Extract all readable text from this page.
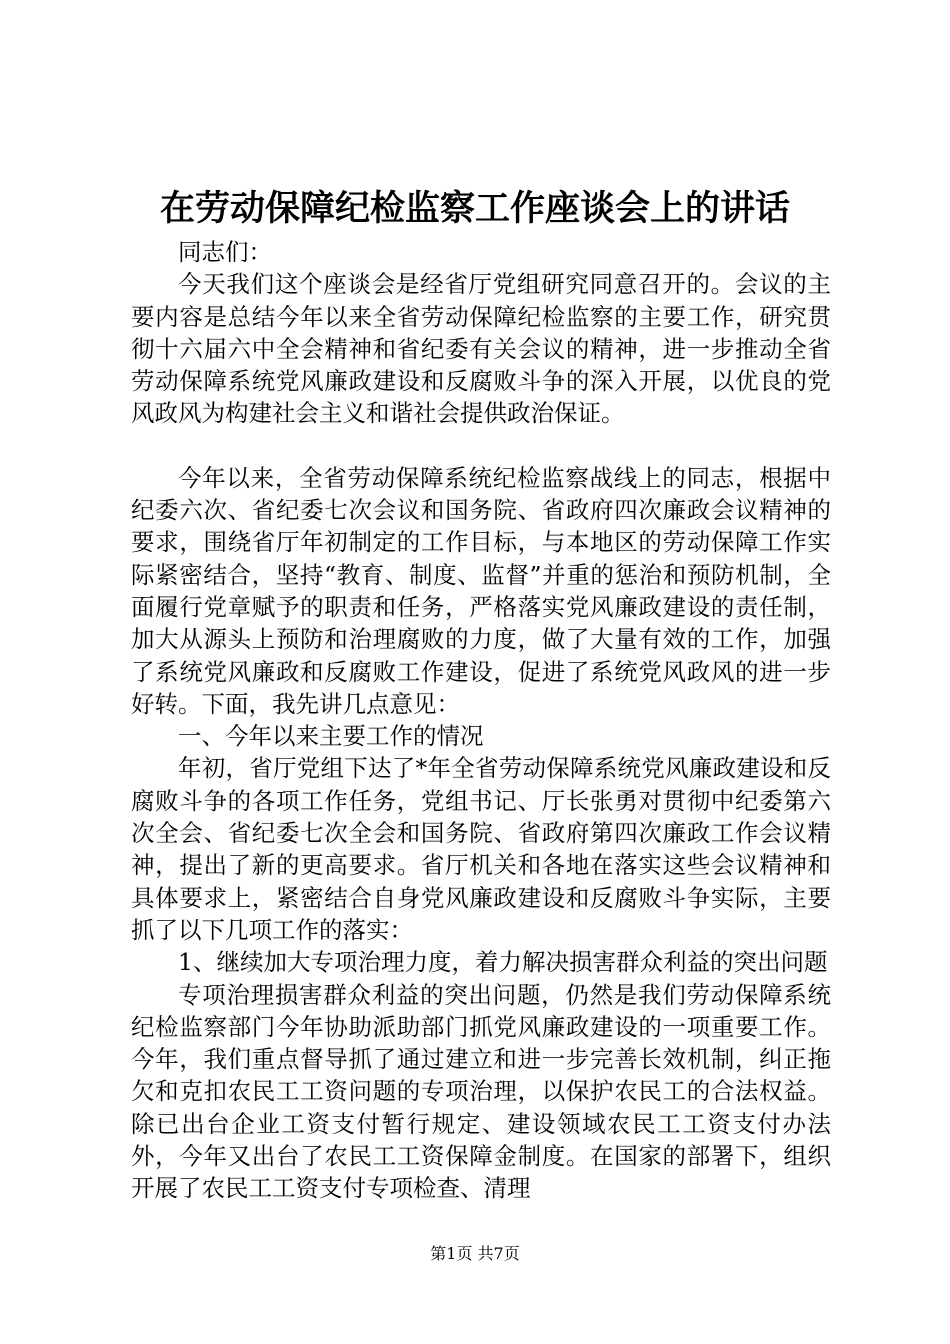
在劳动保障纪检监察工作座谈会上的讲话

同志们：

今天我们这个座谈会是经省厅党组研究同意召开的。会议的主要内容是总结今年以来全省劳动保障纪检监察的主要工作，研究贯彻十六届六中全会精神和省纪委有关会议的精神，进一步推动全省劳动保障系统党风廉政建设和反腐败斗争的深入开展，以优良的党风政风为构建社会主义和谐社会提供政治保证。

今年以来，全省劳动保障系统纪检监察战线上的同志，根据中纪委六次、省纪委七次会议和国务院、省政府四次廉政会议精神的要求，围绕省厅年初制定的工作目标，与本地区的劳动保障工作实际紧密结合，坚持“教育、制度、监督”并重的惩治和预防机制，全面履行党章赋予的职责和任务，严格落实党风廉政建设的责任制，加大从源头上预防和治理腐败的力度，做了大量有效的工作，加强了系统党风廉政和反腐败工作建设，促进了系统党风政风的进一步好转。下面，我先讲几点意见：

一、今年以来主要工作的情况

年初，省厅党组下达了*年全省劳动保障系统党风廉政建设和反腐败斗争的各项工作任务，党组书记、厅长张勇对贯彻中纪委第六次全会、省纪委七次全会和国务院、省政府第四次廉政工作会议精神，提出了新的更高要求。省厅机关和各地在落实这些会议精神和具体要求上，紧密结合自身党风廉政建设和反腐败斗争实际，主要抓了以下几项工作的落实：

1、继续加大专项治理力度，着力解决损害群众利益的突出问题

专项治理损害群众利益的突出问题，仍然是我们劳动保障系统纪检监察部门今年协助派助部门抓党风廉政建设的一项重要工作。今年，我们重点督导抓了通过建立和进一步完善长效机制，纠正拖欠和克扣农民工工资问题的专项治理，以保护农民工的合法权益。除已出台企业工资支付暂行规定、建设领域农民工工资支付办法外，今年又出台了农民工工资保障金制度。在国家的部署下，组织开展了农民工工资支付专项检查、清理

第1页 共7页
